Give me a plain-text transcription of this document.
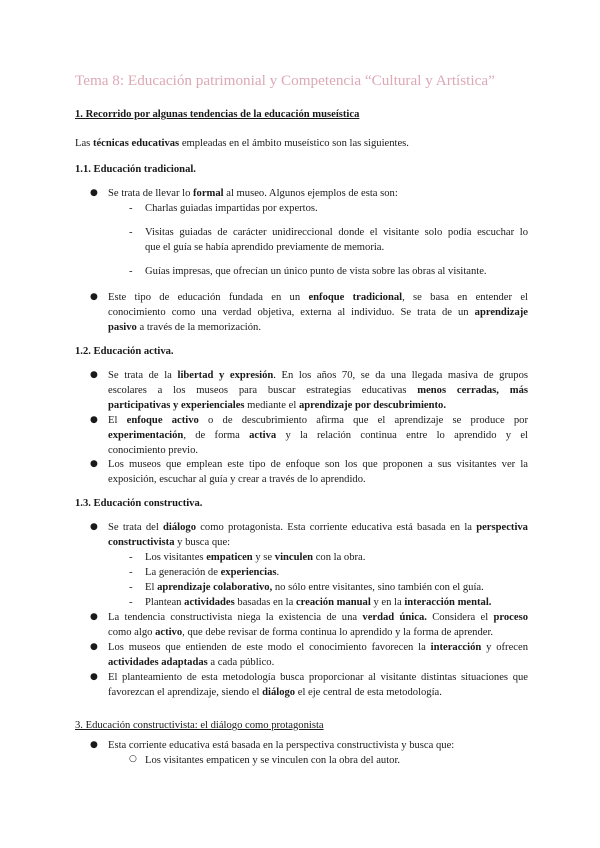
Tema 8: Educación patrimonial y Competencia “Cultural y Artística”
1. Recorrido por algunas tendencias de la educación museística
Las técnicas educativas empleadas en el ámbito museístico son las siguientes.
1.1. Educación tradicional.
● Se trata de llevar lo formal al museo. Algunos ejemplos de esta son:
- Charlas guiadas impartidas por expertos.
- Visitas guiadas de carácter unidireccional donde el visitante solo podía escuchar lo
que el guía se había aprendido previamente de memoria.
- Guías impresas, que ofrecían un único punto de vista sobre las obras al visitante.
● Este tipo de educación fundada en un enfoque tradicional, se basa en entender el
conocimiento como una verdad objetiva, externa al individuo. Se trata de un aprendizaje
pasivo a través de la memorización.
1.2. Educación activa.
● Se trata de la libertad y expresión. En los años 70, se da una llegada masiva de grupos
escolares a los museos para buscar estrategias educativas menos cerradas, más
participativas y experienciales mediante el aprendizaje por descubrimiento.
● El enfoque activo o de descubrimiento afirma que el aprendizaje se produce por
experimentación, de forma activa y la relación continua entre lo aprendido y el
conocimiento previo.
● Los museos que emplean este tipo de enfoque son los que proponen a sus visitantes ver la
exposición, escuchar al guía y crear a través de lo aprendido.
1.3. Educación constructiva.
● Se trata del diálogo como protagonista. Esta corriente educativa está basada en la perspectiva
constructivista y busca que:
- Los visitantes empaticen y se vinculen con la obra.
- La generación de experiencias.
- El aprendizaje colaborativo, no sólo entre visitantes, sino también con el guía.
- Plantean actividades basadas en la creación manual y en la interacción mental.
● La tendencia constructivista niega la existencia de una verdad única. Considera el proceso
como algo activo, que debe revisar de forma continua lo aprendido y la forma de aprender.
● Los museos que entienden de este modo el conocimiento favorecen la interacción y ofrecen
actividades adaptadas a cada público.
● El planteamiento de esta metodología busca proporcionar al visitante distintas situaciones que
favorezcan el aprendizaje, siendo el diálogo el eje central de esta metodología.
3. Educación constructivista: el diálogo como protagonista
● Esta corriente educativa está basada en la perspectiva constructivista y busca que:
○ Los visitantes empaticen y se vinculen con la obra del autor.
